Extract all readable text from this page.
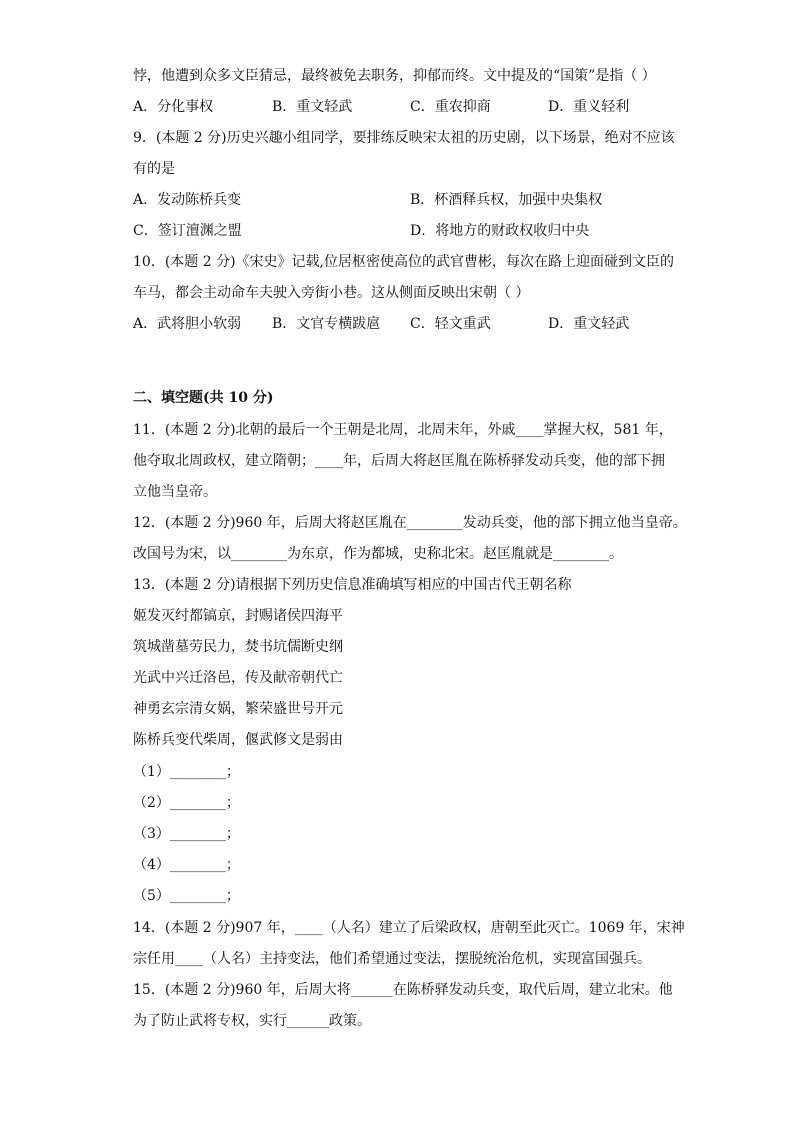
悖，他遭到众多文臣猜忌，最终被免去职务，抑郁而终。文中提及的“国策”是指（ ）
A．分化事权	B．重文轻武	C．重农抑商	D．重义轻利
9．(本题 2 分)历史兴趣小组同学，要排练反映宋太祖的历史剧，以下场景，绝对不应该
有的是
A．发动陈桥兵变	B．杯酒释兵权，加强中央集权
C．签订澶渊之盟	D．将地方的财政权收归中央
10．(本题 2 分)《宋史》记载,位居枢密使高位的武官曹彬，每次在路上迎面碰到文臣的
车马，都会主动命车夫驶入旁街小巷。这从侧面反映出宋朝（ ）
A．武将胆小软弱 B．文官专横跋扈 C．轻文重武	D．重文轻武
二、填空题(共 10 分)
11．(本题 2 分)北朝的最后一个王朝是北周，北周末年，外戚____掌握大权，581 年，
他夺取北周政权，建立隋朝；____年，后周大将赵匡胤在陈桥驿发动兵变，他的部下拥
立他当皇帝。
12．(本题 2 分)960 年，后周大将赵匡胤在________发动兵变，他的部下拥立他当皇帝。
改国号为宋，以________为东京，作为都城，史称北宋。赵匡胤就是________。
13．(本题 2 分)请根据下列历史信息准确填写相应的中国古代王朝名称
姬发灭纣都镐京，封赐诸侯四海平
筑城凿墓劳民力，焚书坑儒断史纲
光武中兴迁洛邑，传及献帝朝代亡
神勇玄宗清女娲，繁荣盛世号开元
陈桥兵变代柴周，偃武修文是弱由
（1）________；
（2）________；
（3）________；
（4）________；
（5）________；
14．(本题 2 分)907 年，____（人名）建立了后梁政权，唐朝至此灭亡。1069 年，宋神
宗任用____（人名）主持变法，他们希望通过变法，摆脱统治危机，实现富国强兵。
15．(本题 2 分)960 年，后周大将______在陈桥驿发动兵变，取代后周，建立北宋。他
为了防止武将专权，实行______政策。
